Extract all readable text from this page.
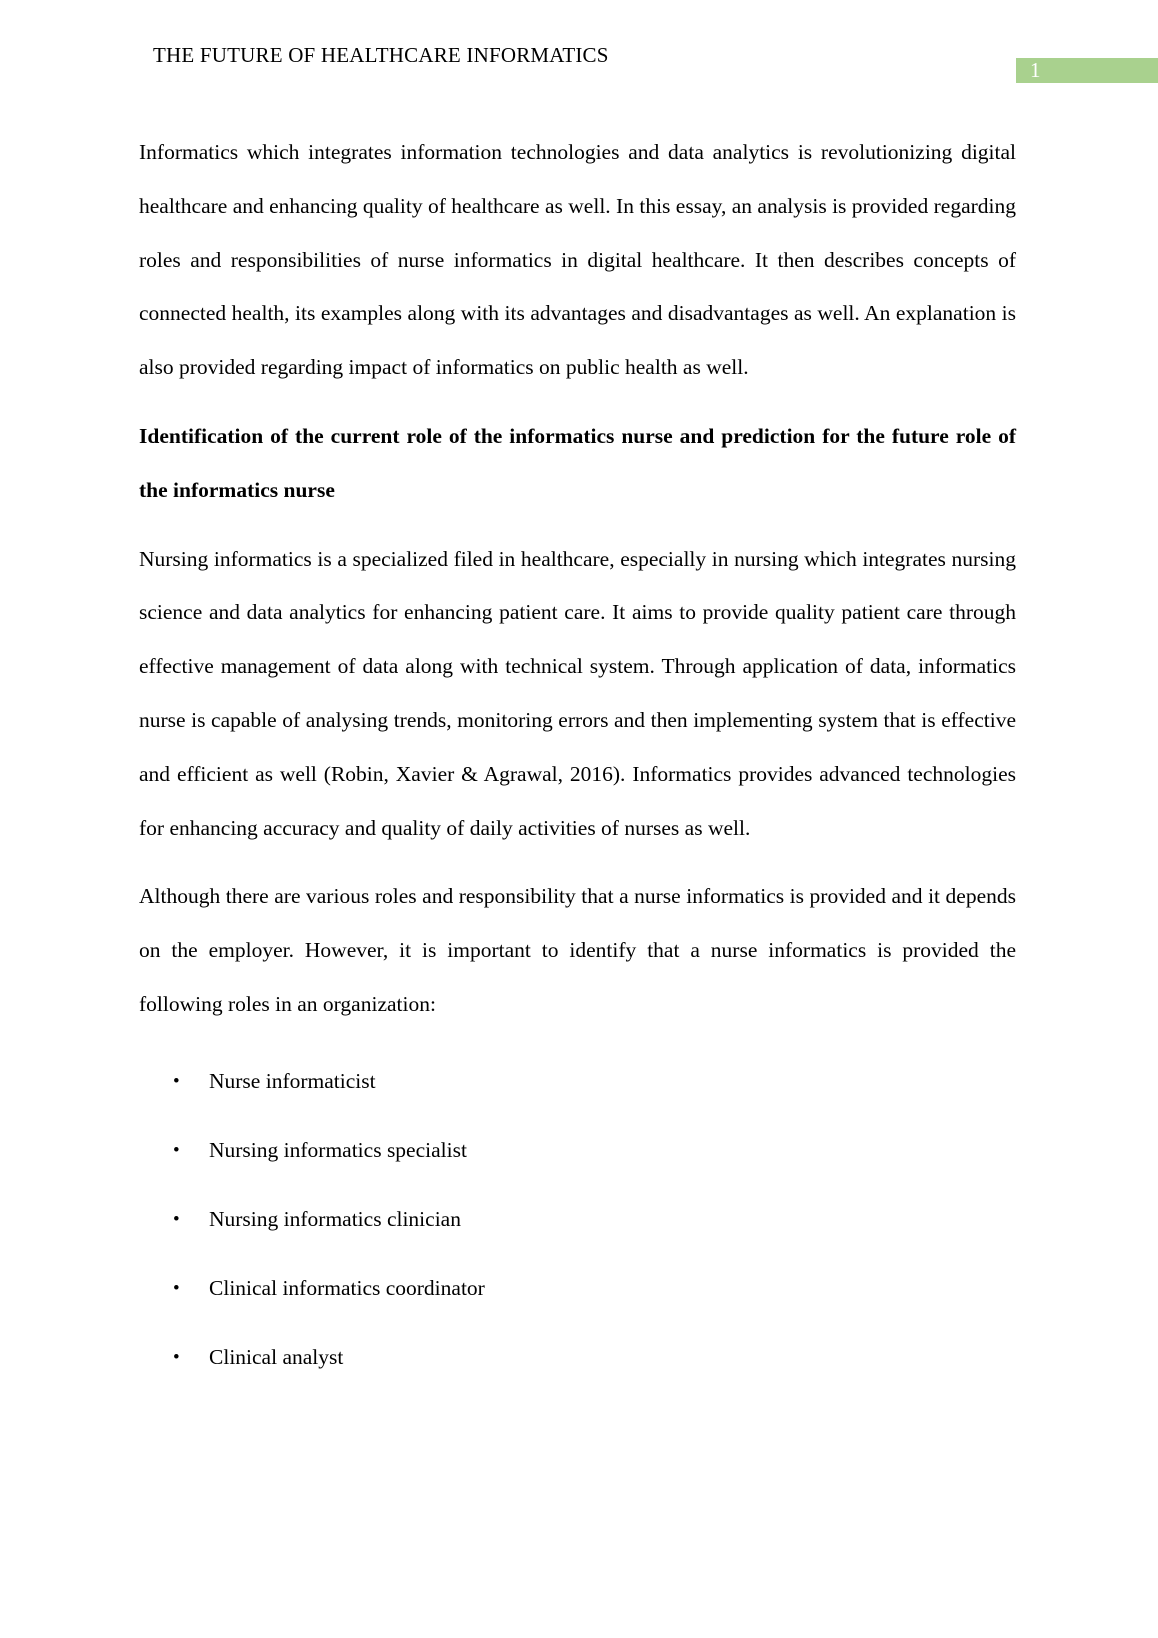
THE FUTURE OF HEALTHCARE INFORMATICS
1

Informatics which integrates information technologies and data analytics is revolutionizing digital healthcare and enhancing quality of healthcare as well. In this essay, an analysis is provided regarding roles and responsibilities of nurse informatics in digital healthcare. It then describes concepts of connected health, its examples along with its advantages and disadvantages as well. An explanation is also provided regarding impact of informatics on public health as well.

Identification of the current role of the informatics nurse and prediction for the future role of the informatics nurse

Nursing informatics is a specialized filed in healthcare, especially in nursing which integrates nursing science and data analytics for enhancing patient care. It aims to provide quality patient care through effective management of data along with technical system. Through application of data, informatics nurse is capable of analysing trends, monitoring errors and then implementing system that is effective and efficient as well (Robin, Xavier & Agrawal, 2016). Informatics provides advanced technologies for enhancing accuracy and quality of daily activities of nurses as well.

Although there are various roles and responsibility that a nurse informatics is provided and it depends on the employer. However, it is important to identify that a nurse informatics is provided the following roles in an organization:

• Nurse informaticist
• Nursing informatics specialist
• Nursing informatics clinician
• Clinical informatics coordinator
• Clinical analyst
